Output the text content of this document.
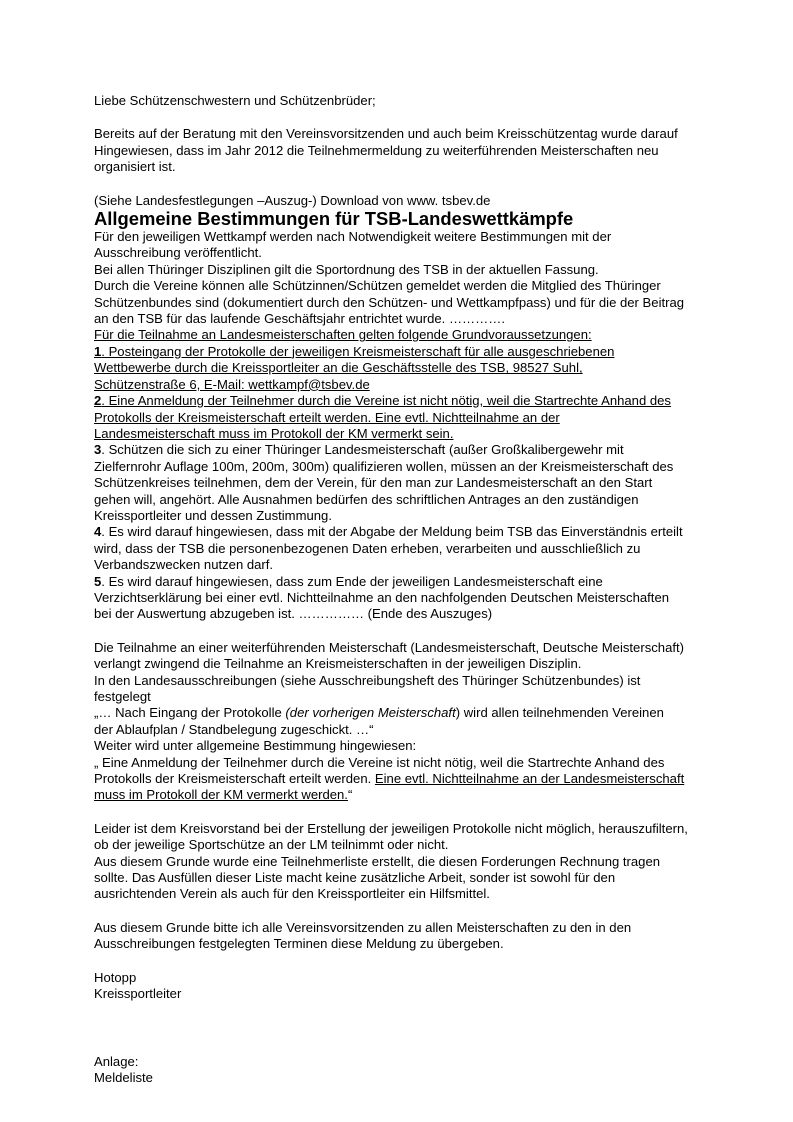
Liebe Schützenschwestern und Schützenbrüder;

Bereits auf der Beratung mit den Vereinsvorsitzenden und auch beim Kreisschützentag wurde darauf

Hingewiesen, dass im Jahr 2012 die Teilnehmermeldung zu weiterführenden Meisterschaften neu

organisiert ist.

(Siehe Landesfestlegungen –Auszug-) Download von www. tsbev.de

Allgemeine Bestimmungen für TSB-Landeswettkämpfe

Für den jeweiligen Wettkampf werden nach Notwendigkeit weitere Bestimmungen mit der

Ausschreibung veröffentlicht.

Bei allen Thüringer Disziplinen gilt die Sportordnung des TSB in der aktuellen Fassung.

Durch die Vereine können alle Schützinnen/Schützen gemeldet werden die Mitglied des Thüringer

Schützenbundes sind (dokumentiert durch den Schützen- und Wettkampfpass) und für die der Beitrag

an den TSB für das laufende Geschäftsjahr entrichtet wurde. ………….

Für die Teilnahme an Landesmeisterschaften gelten folgende Grundvoraussetzungen:

1. Posteingang der Protokolle der jeweiligen Kreismeisterschaft für alle ausgeschriebenen

Wettbewerbe durch die Kreissportleiter an die Geschäftsstelle des TSB, 98527 Suhl,

Schützenstraße 6, E-Mail: wettkampf@tsbev.de

2. Eine Anmeldung der Teilnehmer durch die Vereine ist nicht nötig, weil die Startrechte Anhand des

Protokolls der Kreismeisterschaft erteilt werden. Eine evtl. Nichtteilnahme an der

Landesmeisterschaft muss im Protokoll der KM vermerkt sein.

3. Schützen die sich zu einer Thüringer Landesmeisterschaft (außer Großkalibergewehr mit

Zielfernrohr Auflage 100m, 200m, 300m) qualifizieren wollen, müssen an der Kreismeisterschaft des

Schützenkreises teilnehmen, dem der Verein, für den man zur Landesmeisterschaft an den Start

gehen will, angehört. Alle Ausnahmen bedürfen des schriftlichen Antrages an den zuständigen

Kreissportleiter und dessen Zustimmung.

4. Es wird darauf hingewiesen, dass mit der Abgabe der Meldung beim TSB das Einverständnis erteilt

wird, dass der TSB die personenbezogenen Daten erheben, verarbeiten und ausschließlich zu

Verbandszwecken nutzen darf.

5. Es wird darauf hingewiesen, dass zum Ende der jeweiligen Landesmeisterschaft eine

Verzichtserklärung bei einer evtl. Nichtteilnahme an den nachfolgenden Deutschen Meisterschaften

bei der Auswertung abzugeben ist. …………… (Ende des Auszuges)

Die Teilnahme an einer weiterführenden Meisterschaft (Landesmeisterschaft, Deutsche Meisterschaft)

verlangt zwingend die Teilnahme an Kreismeisterschaften in der jeweiligen Disziplin.

In den Landesausschreibungen (siehe Ausschreibungsheft des Thüringer Schützenbundes) ist

festgelegt

„… Nach Eingang der Protokolle (der vorherigen Meisterschaft) wird allen teilnehmenden Vereinen

der Ablaufplan / Standbelegung zugeschickt. …“

Weiter wird unter allgemeine Bestimmung hingewiesen:

„ Eine Anmeldung der Teilnehmer durch die Vereine ist nicht nötig, weil die Startrechte Anhand des

Protokolls der Kreismeisterschaft erteilt werden. Eine evtl. Nichtteilnahme an der Landesmeisterschaft

muss im Protokoll der KM vermerkt werden.“

Leider ist dem Kreisvorstand bei der Erstellung der jeweiligen Protokolle nicht möglich, herauszufiltern,

ob der jeweilige Sportschütze an der LM teilnimmt oder nicht.

Aus diesem Grunde wurde eine Teilnehmerliste erstellt, die diesen Forderungen Rechnung tragen

sollte. Das Ausfüllen dieser Liste macht keine zusätzliche Arbeit, sonder ist sowohl für den

ausrichtenden Verein als auch für den Kreissportleiter ein Hilfsmittel.

Aus diesem Grunde bitte ich alle Vereinsvorsitzenden zu allen Meisterschaften zu den in den

Ausschreibungen festgelegten Terminen diese Meldung zu übergeben.

Hotopp

Kreissportleiter

Anlage:

Meldeliste
